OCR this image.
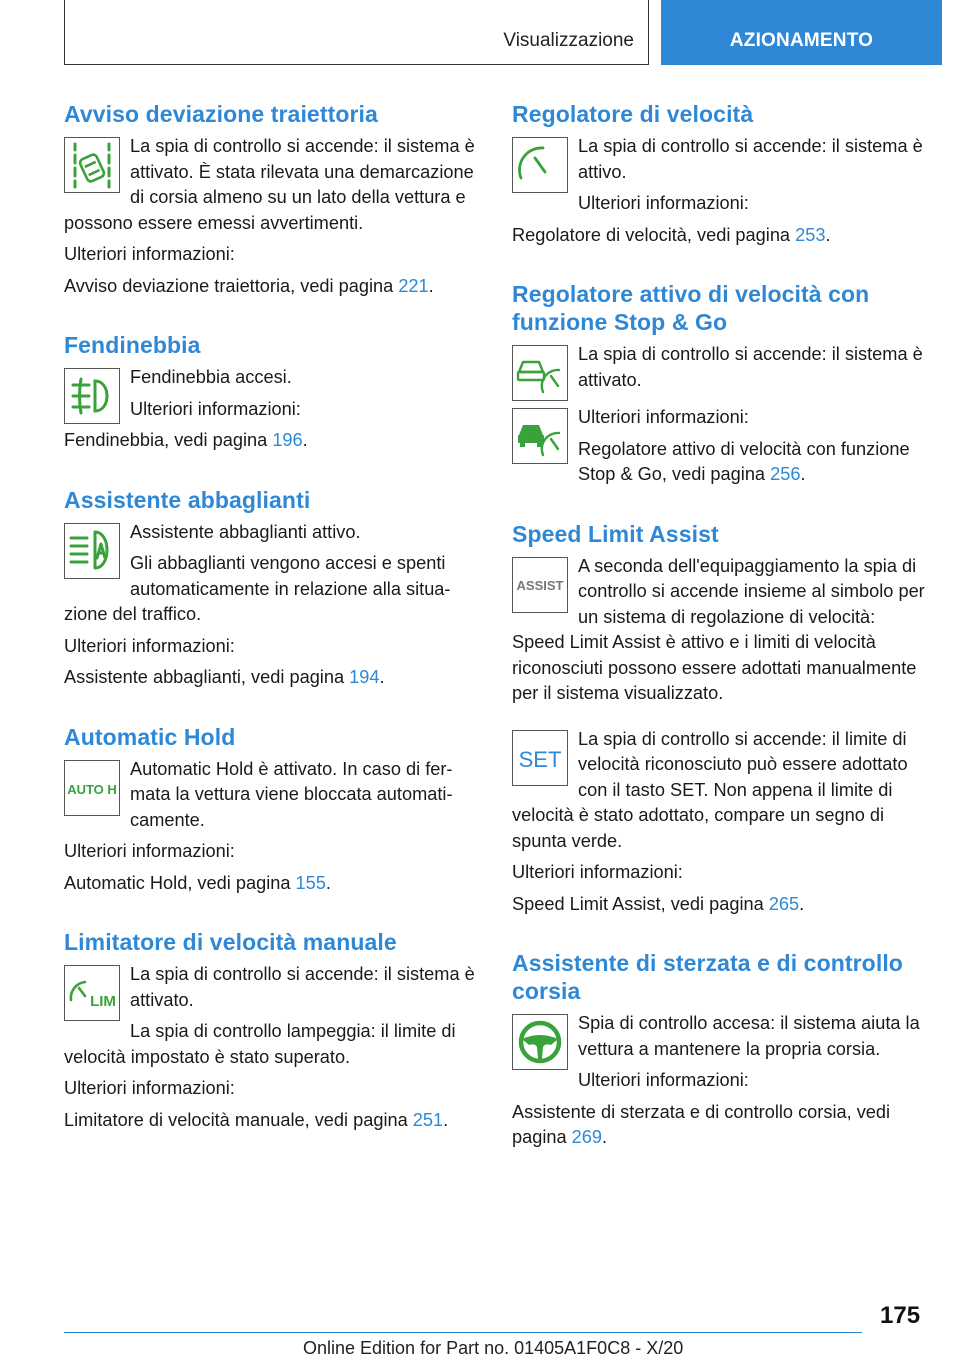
Visualizzazione	AZIONAMENTO
Avviso deviazione traiettoria

La spia di controllo si accende: il sistema è attivato. È stata rilevata una demarcazione di corsia almeno su un lato della vettura e possono essere emessi avvertimenti.

Ulteriori informazioni:

Avviso deviazione traiettoria, vedi pagina 221.

Fendinebbia

Fendinebbia accesi.

Ulteriori informazioni:

Fendinebbia, vedi pagina 196.

Assistente abbaglianti

Assistente abbaglianti attivo.

Gli abbaglianti vengono accesi e spenti automaticamente in relazione alla situazione del traffico.

Ulteriori informazioni:

Assistente abbaglianti, vedi pagina 194.

Automatic Hold
AUTO H

Automatic Hold è attivato. In caso di fermata la vettura viene bloccata automaticamente.

Ulteriori informazioni:

Automatic Hold, vedi pagina 155.

Limitatore di velocità manuale
LIM

La spia di controllo si accende: il sistema è attivato.

La spia di controllo lampeggia: il limite di velocità impostato è stato superato.

Ulteriori informazioni:

Limitatore di velocità manuale, vedi pagina 251.

Regolatore di velocità

La spia di controllo si accende: il sistema è attivo.

Ulteriori informazioni:

Regolatore di velocità, vedi pagina 253.

Regolatore attivo di velocità con funzione Stop & Go

La spia di controllo si accende: il sistema è attivato.

Ulteriori informazioni:

Regolatore attivo di velocità con funzione Stop & Go, vedi pagina 256.

Speed Limit Assist
ASSIST

A seconda dell'equipaggiamento la spia di controllo si accende insieme al simbolo per un sistema di regolazione di velocità: Speed Limit Assist è attivo e i limiti di velocità riconosciuti possono essere adottati manualmente per il sistema visualizzato.

SET

La spia di controllo si accende: il limite di velocità riconosciuto può essere adottato con il tasto SET. Non appena il limite di velocità è stato adottato, compare un segno di spunta verde.

Ulteriori informazioni:

Speed Limit Assist, vedi pagina 265.

Assistente di sterzata e di controllo corsia

Spia di controllo accesa: il sistema aiuta la vettura a mantenere la propria corsia.

Ulteriori informazioni:

Assistente di sterzata e di controllo corsia, vedi pagina 269.

175
Online Edition for Part no. 01405A1F0C8 - X/20
